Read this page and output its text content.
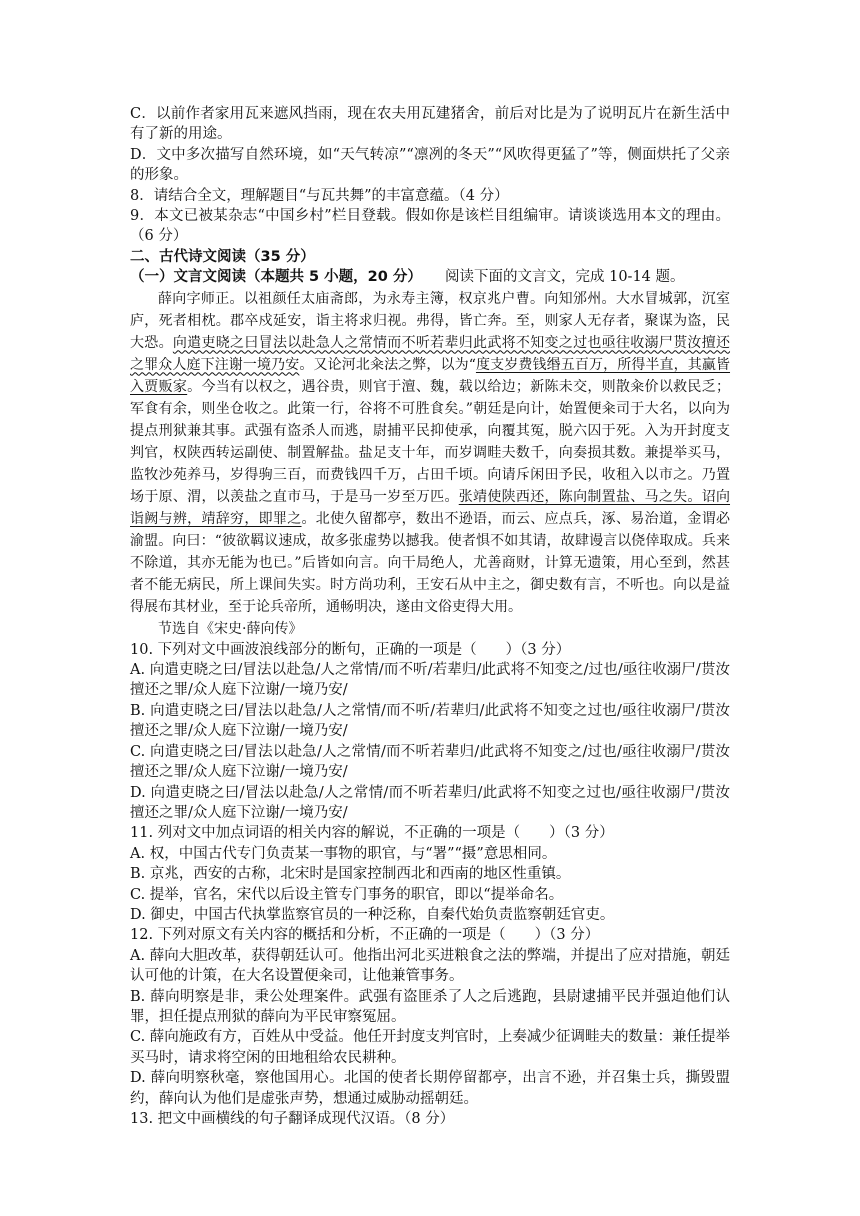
C．以前作者家用瓦来遮风挡雨，现在农夫用瓦建猪舍，前后对比是为了说明瓦片在新生活中有了新的用途。
D．文中多次描写自然环境，如“天气转凉”“凛冽的冬天”“风吹得更猛了”等，侧面烘托了父亲的形象。
8．请结合全文，理解题目“与瓦共舞”的丰富意蕴。（4 分）
9．本文已被某杂志“中国乡村”栏目登载。假如你是该栏目组编审。请谈谈选用本文的理由。（6 分）
二、古代诗文阅读（35 分）
（一）文言文阅读（本题共 5 小题，20 分） 阅读下面的文言文，完成 10-14 题。
薛向字师正。以祖颜任太庙斋郎，为永寿主簿，权京兆户曹。向知邠州。大水冒城郭，沉室庐，死者相枕。郡卒戍延安，诣主将求归视。弗得，皆亡奔。至，则家人无存者，聚谋为盗，民大恐。向遣吏晓之曰冒法以赴急人之常情而不听若辈归此武将不知变之过也亟往收溺尸贳汝擅还之罪众人庭下注谢一境乃安。又论河北籴法之弊，以为“度支岁费钱缗五百万，所得半直，其赢皆入贾贩家。今当有以权之，遇谷贵，则官于澶、魏，载以给边；新陈未交，则散籴价以救民乏；军食有余，则坐仓收之。此策一行，谷将不可胜食矣。”朝廷是向计，始置便籴司于大名，以向为提点刑狱兼其事。武强有盗杀人而逃，尉捕平民抑使承，向覆其冤，脱六囚于死。入为开封度支判官，权陕西转运副使、制置解盐。盐足支十年，而岁调畦夫数千，向奏损其数。兼提举买马，监牧沙苑养马，岁得驹三百，而费钱四千万，占田千顷。向请斥闲田予民，收租入以市之。乃置场于原、渭，以羡盐之直市马，于是马一岁至万匹。张靖使陕西还，陈向制置盐、马之失。诏向诣阙与辨，靖辞穷，即罪之。北使久留都亭，数出不逊语，而云、应点兵，涿、易治道，金谓必渝盟。向曰：“彼欲羁议速成，故多张虚势以撼我。使者惧不如其请，故肆谩言以侥倖取成。兵来不除道，其亦无能为也已。”后皆如向言。向干局绝人，尤善商财，计算无遗策，用心至到，然甚者不能无病民，所上课间失实。时方尚功利，王安石从中主之，御史数有言，不听也。向以是益得展布其材业，至于论兵帝所，通畅明决，遂由文俗吏得大用。
节选自《宋史·薛向传》
10. 下列对文中画波浪线部分的断句，正确的一项是（　　）（3 分）
A. 向遣吏晓之曰/冒法以赴急/人之常情/而不听/若辈归/此武将不知变之/过也/亟往收溺尸/贳汝擅还之罪/众人庭下泣谢/一境乃安/
B. 向遣吏晓之曰/冒法以赴急/人之常情/而不听/若辈归/此武将不知变之过也/亟往收溺尸/贳汝擅还之罪/众人庭下泣谢/一境乃安/
C. 向遣吏晓之曰/冒法以赴急/人之常情/而不听若辈归/此武将不知变之/过也/亟往收溺尸/贳汝擅还之罪/众人庭下泣谢/一境乃安/
D. 向遣吏晓之曰/冒法以赴急/人之常情/而不听若辈归/此武将不知变之过也/亟往收溺尸/贳汝擅还之罪/众人庭下泣谢/一境乃安/
11. 列对文中加点词语的相关内容的解说，不正确的一项是（　　）（3 分）
A. 权，中国古代专门负责某一事物的职官，与“署”“摄”意思相同。
B. 京兆，西安的古称，北宋时是国家控制西北和西南的地区性重镇。
C. 提举，官名，宋代以后设主管专门事务的职官，即以“提举命名。
D. 御史，中国古代执掌监察官员的一种泛称，自秦代始负责监察朝廷官吏。
12. 下列对原文有关内容的概括和分析，不正确的一项是（　　）（3 分）
A. 薛向大胆改革，获得朝廷认可。他指出河北买进粮食之法的弊端，并提出了应对措施，朝廷认可他的计策，在大名设置便籴司，让他兼管事务。
B. 薛向明察是非，秉公处理案件。武强有盗匪杀了人之后逃跑，县尉逮捕平民并强迫他们认罪，担任提点刑狱的薛向为平民审察冤屈。
C. 薛向施政有方，百姓从中受益。他任开封度支判官时，上奏减少征调畦夫的数量：兼任提举买马时，请求将空闲的田地租给农民耕种。
D. 薛向明察秋毫，察他国用心。北国的使者长期停留都亭，出言不逊，并召集士兵，撕毁盟约，薛向认为他们是虚张声势，想通过威胁动摇朝廷。
13. 把文中画横线的句子翻译成现代汉语。（8 分）
